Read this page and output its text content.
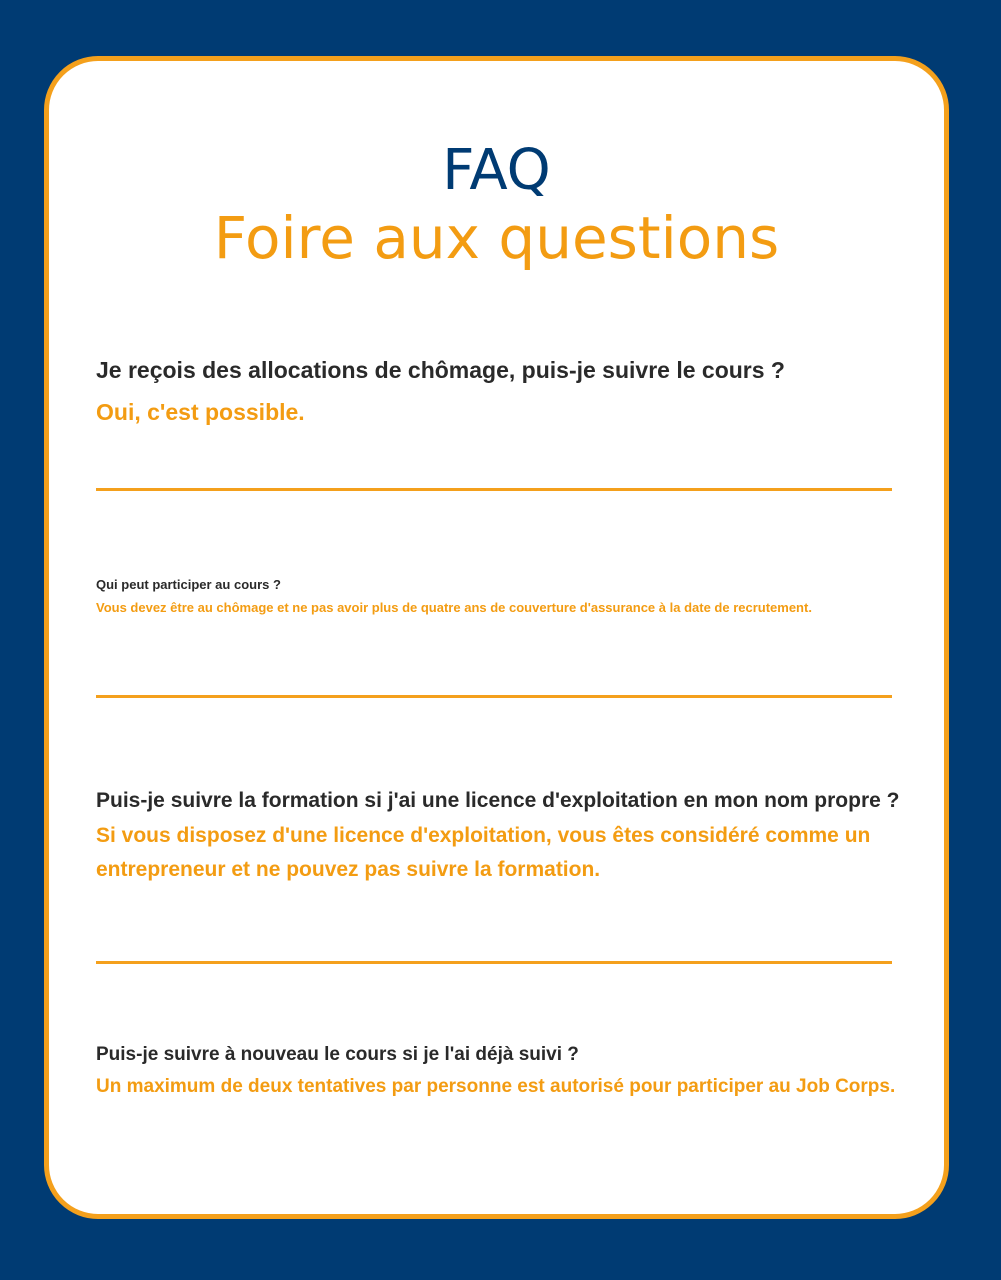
FAQ
Foire aux questions

Je reçois des allocations de chômage, puis-je suivre le cours ?

Oui, c'est possible.

Qui peut participer au cours ?

Vous devez être au chômage et ne pas avoir plus de quatre ans de couverture d'assurance à la date de recrutement.

Puis-je suivre la formation si j'ai une licence d'exploitation en mon nom propre ?

Si vous disposez d'une licence d'exploitation, vous êtes considéré comme un entrepreneur et ne pouvez pas suivre la formation.

Puis-je suivre à nouveau le cours si je l'ai déjà suivi ?

Un maximum de deux tentatives par personne est autorisé pour participer au Job Corps.
